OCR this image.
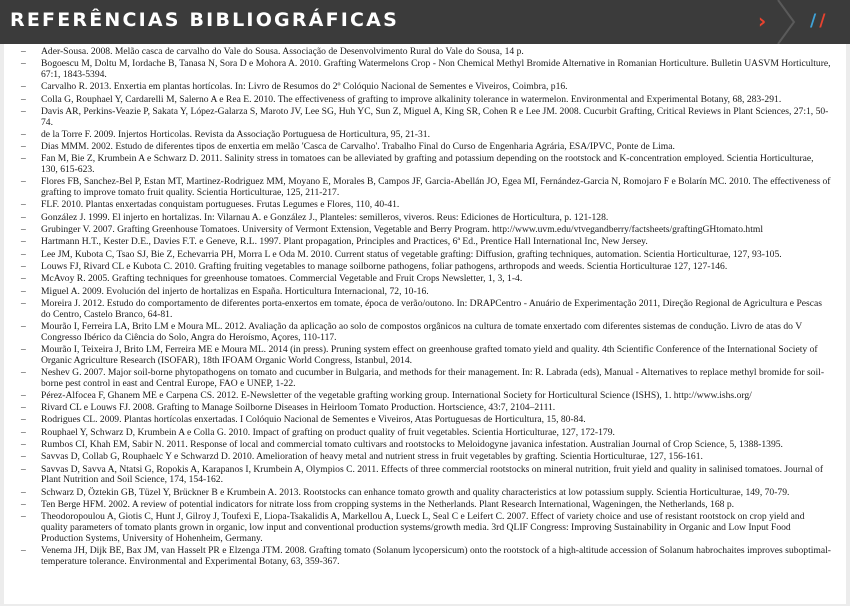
REFERÊNCIAS BIBLIOGRÁFICAS	›	/ /
– Ader-Sousa. 2008. Melão casca de carvalho do Vale do Sousa. Associação de Desenvolvimento Rural do Vale do Sousa, 14 p.
– Bogoescu M, Doltu M, Iordache B, Tanasa N, Sora D e Mohora A. 2010. Grafting Watermelons Crop - Non Chemical Methyl Bromide Alternative in Romanian Horticulture. Bulletin UASVM Horticulture, 67:1, 1843-5394.
– Carvalho R. 2013. Enxertia em plantas hortícolas. In: Livro de Resumos do 2º Colóquio Nacional de Sementes e Viveiros, Coimbra, p16.
– Colla G, Rouphael Y, Cardarelli M, Salerno A e Rea E. 2010. The effectiveness of grafting to improve alkalinity tolerance in watermelon. Environmental and Experimental Botany, 68, 283-291.
– Davis AR, Perkins-Veazie P, Sakata Y, López-Galarza S, Maroto JV, Lee SG, Huh YC, Sun Z, Miguel A, King SR, Cohen R e Lee JM. 2008. Cucurbit Grafting, Critical Reviews in Plant Sciences, 27:1, 50-74.
– de la Torre F. 2009. Injertos Horticolas. Revista da Associação Portuguesa de Horticultura, 95, 21-31.
– Dias MMM. 2002. Estudo de diferentes tipos de enxertia em melão 'Casca de Carvalho'. Trabalho Final do Curso de Engenharia Agrária, ESA/IPVC, Ponte de Lima.
– Fan M, Bie Z, Krumbein A e Schwarz D. 2011. Salinity stress in tomatoes can be alleviated by grafting and potassium depending on the rootstock and K-concentration employed. Scientia Horticulturae, 130, 615-623.
– Flores FB, Sanchez-Bel P, Estan MT, Martinez-Rodriguez MM, Moyano E, Morales B, Campos JF, Garcia-Abellán JO, Egea MI, Fernández-Garcia N, Romojaro F e Bolarín MC. 2010. The effectiveness of grafting to improve tomato fruit quality. Scientia Horticulturae, 125, 211-217.
– FLF. 2010. Plantas enxertadas conquistam portugueses. Frutas Legumes e Flores, 110, 40-41.
– González J. 1999. El injerto en hortalizas. In: Vilarnau A. e González J., Planteles: semilleros, viveros. Reus: Ediciones de Horticultura, p. 121-128.
– Grubinger V. 2007. Grafting Greenhouse Tomatoes. University of Vermont Extension, Vegetable and Berry Program. http://www.uvm.edu/vtvegandberry/factsheets/graftingGHtomato.html
– Hartmann H.T., Kester D.E., Davies F.T. e Geneve, R.L. 1997. Plant propagation, Principles and Practices, 6ª Ed., Prentice Hall International Inc, New Jersey.
– Lee JM, Kubota C, Tsao SJ, Bie Z, Echevarria PH, Morra L e Oda M. 2010. Current status of vegetable grafting: Diffusion, grafting techniques, automation. Scientia Horticulturae, 127, 93-105.
– Louws FJ, Rivard CL e Kubota C. 2010. Grafting fruiting vegetables to manage soilborne pathogens, foliar pathogens, arthropods and weeds. Scientia Horticulturae 127, 127-146.
– McAvoy R. 2005. Grafting techniques for greenhouse tomatoes. Commercial Vegetable and Fruit Crops Newsletter, 1, 3, 1-4.
– Miguel A. 2009. Evolución del injerto de hortalizas en España. Horticultura Internacional, 72, 10-16.
– Moreira J. 2012. Estudo do comportamento de diferentes porta-enxertos em tomate, época de verão/outono. In: DRAPCentro - Anuário de Experimentação 2011, Direção Regional de Agricultura e Pescas do Centro, Castelo Branco, 64-81.
– Mourão I, Ferreira LA, Brito LM e Moura ML. 2012. Avaliação da aplicação ao solo de compostos orgânicos na cultura de tomate enxertado com diferentes sistemas de condução. Livro de atas do V Congresso Ibérico da Ciência do Solo, Angra do Heroísmo, Açores, 110-117.
– Mourão I, Teixeira J, Brito LM, Ferreira ME e Moura ML. 2014 (in press). Pruning system effect on greenhouse grafted tomato yield and quality. 4th Scientific Conference of the International Society of Organic Agriculture Research (ISOFAR), 18th IFOAM Organic World Congress, Istanbul, 2014.
– Neshev G. 2007. Major soil-borne phytopathogens on tomato and cucumber in Bulgaria, and methods for their management. In: R. Labrada (eds), Manual - Alternatives to replace methyl bromide for soil-borne pest control in east and Central Europe, FAO e UNEP, 1-22.
– Pérez-Alfocea F, Ghanem ME e Carpena CS. 2012. E-Newsletter of the vegetable grafting working group. International Society for Horticultural Science (ISHS), 1. http://www.ishs.org/
– Rivard CL e Louws FJ. 2008. Grafting to Manage Soilborne Diseases in Heirloom Tomato Production. Hortscience, 43:7, 2104–2111.
– Rodrigues CL. 2009. Plantas hortícolas enxertadas. I Colóquio Nacional de Sementes e Viveiros, Atas Portuguesas de Horticultura, 15, 80-84.
– Rouphael Y, Schwarz D, Krumbein A e Colla G. 2010. Impact of grafting on product quality of fruit vegetables. Scientia Horticulturae, 127, 172-179.
– Rumbos CI, Khah EM, Sabir N. 2011. Response of local and commercial tomato cultivars and rootstocks to Meloidogyne javanica infestation. Australian Journal of Crop Science, 5, 1388-1395.
– Savvas D, Collab G, Rouphaelc Y e Schwarzd D. 2010. Amelioration of heavy metal and nutrient stress in fruit vegetables by grafting. Scientia Horticulturae, 127, 156-161.
– Savvas D, Savva A, Ntatsi G, Ropokis A, Karapanos I, Krumbein A, Olympios C. 2011. Effects of three commercial rootstocks on mineral nutrition, fruit yield and quality in salinised tomatoes. Journal of Plant Nutrition and Soil Science, 174, 154-162.
– Schwarz D, Öztekin GB, Tüzel Y, Brückner B e Krumbein A. 2013. Rootstocks can enhance tomato growth and quality characteristics at low potassium supply. Scientia Horticulturae, 149, 70-79.
– Ten Berge HFM. 2002. A review of potential indicators for nitrate loss from cropping systems in the Netherlands. Plant Research International, Wageningen, the Netherlands, 168 p.
– Theodoropoulou A, Giotis C, Hunt J, Gilroy J, Toufexi E, Liopa-Tsakalidis A, Markellou A, Lueck L, Seal C e Leifert C. 2007. Effect of variety choice and use of resistant rootstock on crop yield and quality parameters of tomato plants grown in organic, low input and conventional production systems/growth media. 3rd QLIF Congress: Improving Sustainability in Organic and Low Input Food Production Systems, University of Hohenheim, Germany.
– Venema JH, Dijk BE, Bax JM, van Hasselt PR e Elzenga JTM. 2008. Grafting tomato (Solanum lycopersicum) onto the rootstock of a high-altitude accession of Solanum habrochaites improves suboptimal-temperature tolerance. Environmental and Experimental Botany, 63, 359-367.
